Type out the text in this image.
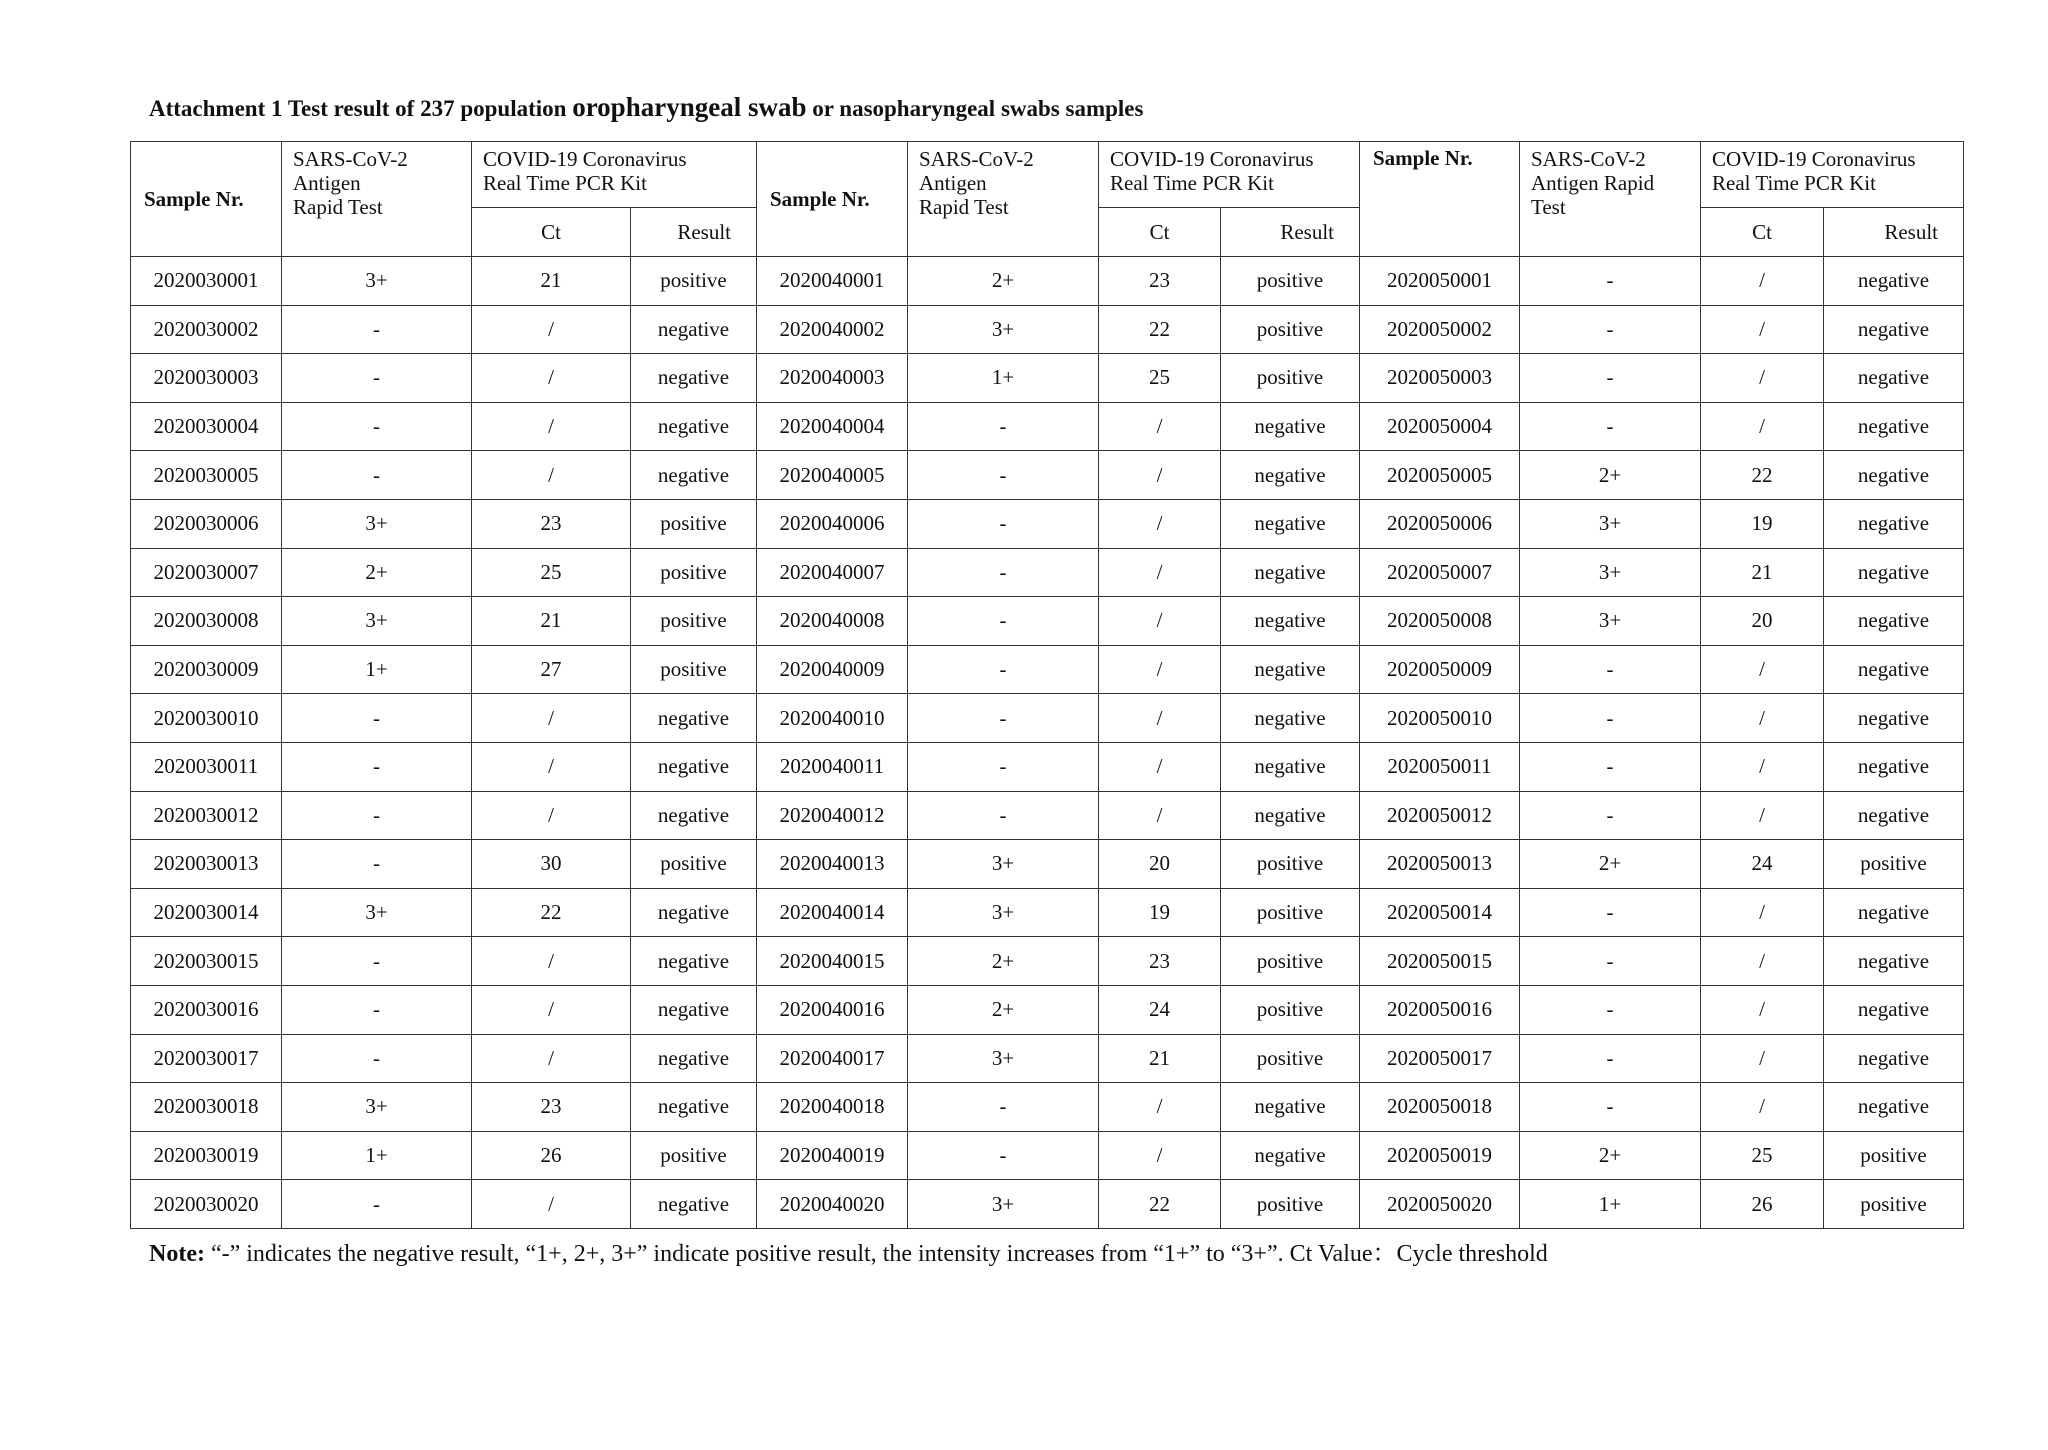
Attachment 1 Test result of 237 population oropharyngeal swab or nasopharyngeal swabs samples
Sample Nr.	SARS-CoV-2
Antigen
Rapid Test	COVID-19 Coronavirus
Real Time PCR Kit		Sample Nr.	SARS-CoV-2
Antigen
Rapid Test	COVID-19 Coronavirus
Real Time PCR Kit		Sample Nr.	SARS-CoV-2
Antigen Rapid
Test	COVID-19 Coronavirus
Real Time PCR Kit	
		Ct	Result			Ct	Result			Ct	Result
2020030001	3+	21	positive	2020040001	2+	23	positive	2020050001	-	/	negative
2020030002	-	/	negative	2020040002	3+	22	positive	2020050002	-	/	negative
2020030003	-	/	negative	2020040003	1+	25	positive	2020050003	-	/	negative
2020030004	-	/	negative	2020040004	-	/	negative	2020050004	-	/	negative
2020030005	-	/	negative	2020040005	-	/	negative	2020050005	2+	22	negative
2020030006	3+	23	positive	2020040006	-	/	negative	2020050006	3+	19	negative
2020030007	2+	25	positive	2020040007	-	/	negative	2020050007	3+	21	negative
2020030008	3+	21	positive	2020040008	-	/	negative	2020050008	3+	20	negative
2020030009	1+	27	positive	2020040009	-	/	negative	2020050009	-	/	negative
2020030010	-	/	negative	2020040010	-	/	negative	2020050010	-	/	negative
2020030011	-	/	negative	2020040011	-	/	negative	2020050011	-	/	negative
2020030012	-	/	negative	2020040012	-	/	negative	2020050012	-	/	negative
2020030013	-	30	positive	2020040013	3+	20	positive	2020050013	2+	24	positive
2020030014	3+	22	negative	2020040014	3+	19	positive	2020050014	-	/	negative
2020030015	-	/	negative	2020040015	2+	23	positive	2020050015	-	/	negative
2020030016	-	/	negative	2020040016	2+	24	positive	2020050016	-	/	negative
2020030017	-	/	negative	2020040017	3+	21	positive	2020050017	-	/	negative
2020030018	3+	23	negative	2020040018	-	/	negative	2020050018	-	/	negative
2020030019	1+	26	positive	2020040019	-	/	negative	2020050019	2+	25	positive
2020030020	-	/	negative	2020040020	3+	22	positive	2020050020	1+	26	positive
Note: “-” indicates the negative result, “1+, 2+, 3+” indicate positive result, the intensity increases from “1+” to “3+”. Ct Value：Cycle threshold
